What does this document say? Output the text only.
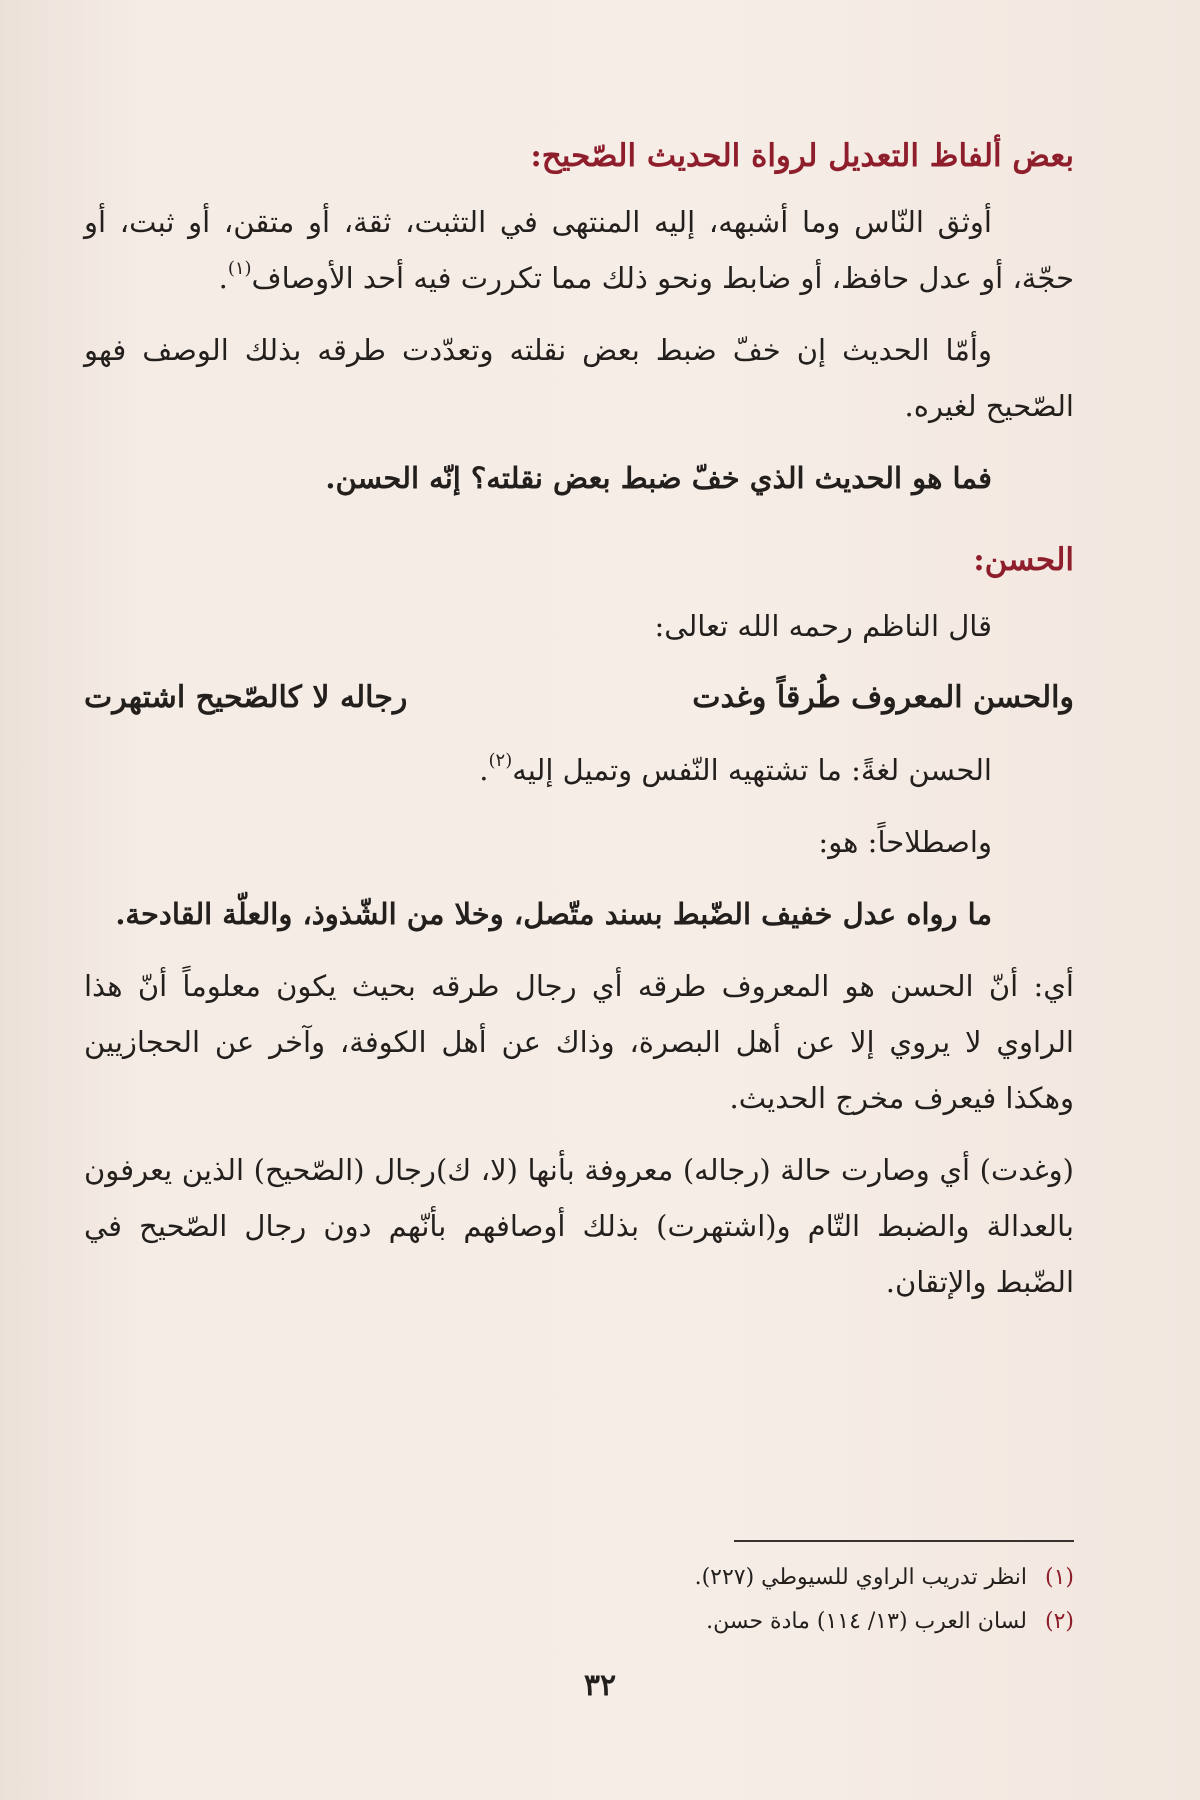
بعض ألفاظ التعديل لرواة الحديث الصّحيح:
أوثق النّاس وما أشبهه، إليه المنتهى في التثبت، ثقة، أو متقن، أو ثبت، أو حجّة، أو عدل حافظ، أو ضابط ونحو ذلك مما تكررت فيه أحد الأوصاف$^{(١)}$.
وأمّا الحديث إن خفّ ضبط بعض نقلته وتعدّدت طرقه بذلك الوصف فهو الصّحيح لغيره.
فما هو الحديث الذي خفّ ضبط بعض نقلته؟ إنّه الحسن.
الحسن:
قال الناظم رحمه الله تعالى:
والحسن المعروف طُرقاً وغدت
رجاله لا كالصّحيح اشتهرت
الحسن لغةً: ما تشتهيه النّفس وتميل إليه$^{(٢)}$.
واصطلاحاً: هو:
ما رواه عدل خفيف الضّبط بسند متّصل، وخلا من الشّذوذ، والعلّة القادحة.
أي: أنّ الحسن هو المعروف طرقه أي رجال طرقه بحيث يكون معلوماً أنّ هذا الراوي لا يروي إلا عن أهل البصرة، وذاك عن أهل الكوفة، وآخر عن الحجازيين وهكذا فيعرف مخرج الحديث.
(وغدت) أي وصارت حالة (رجاله) معروفة بأنها (لا، ك)رجال (الصّحيح) الذين يعرفون بالعدالة والضبط التّام و(اشتهرت) بذلك أوصافهم بأنّهم دون رجال الصّحيح في الضّبط والإتقان.

(١)انظر تدريب الراوي للسيوطي (٢٢٧).

(٢)لسان العرب (١٣/ ١١٤) مادة حسن.

٣٢
